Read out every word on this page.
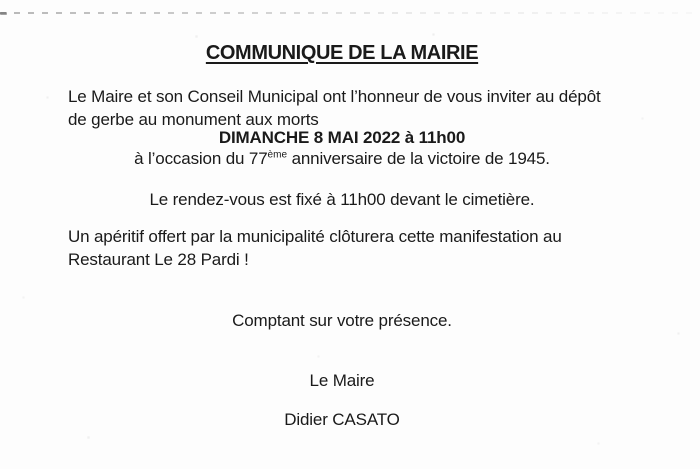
COMMUNIQUE DE LA MAIRIE

Le Maire et son Conseil Municipal ont l’honneur de vous inviter au dépôt
de gerbe au monument aux morts

DIMANCHE 8 MAI 2022 à 11h00

à l’occasion du 77ème anniversaire de la victoire de 1945.

Le rendez-vous est fixé à 11h00 devant le cimetière.

Un apéritif offert par la municipalité clôturera cette manifestation au
Restaurant Le 28 Pardi !

Comptant sur votre présence.

Le Maire

Didier CASATO
